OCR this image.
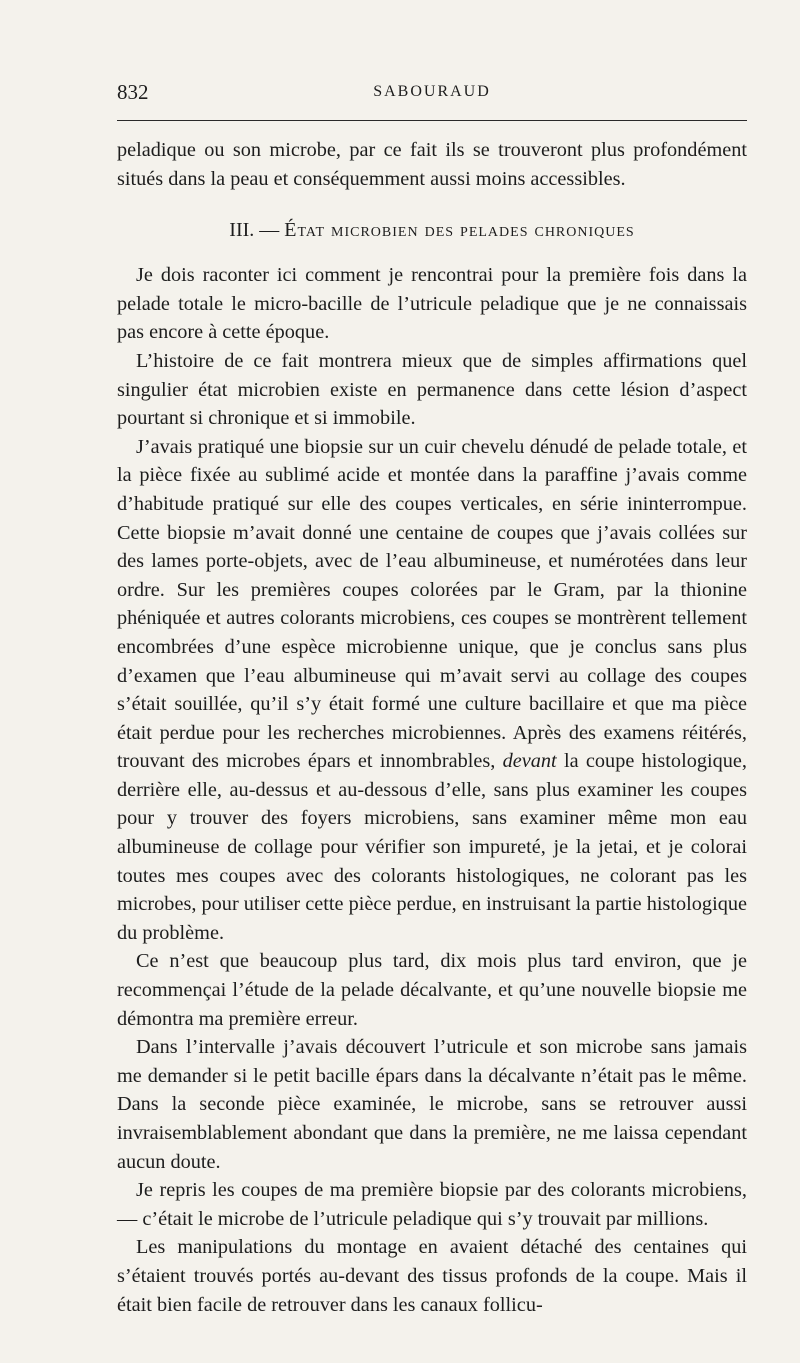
832	SABOURAUD

peladique ou son microbe, par ce fait ils se trouveront plus profondément situés dans la peau et conséquemment aussi moins accessibles.

III. — État microbien des pelades chroniques

Je dois raconter ici comment je rencontrai pour la première fois dans la pelade totale le micro-bacille de l’utricule peladique que je ne connaissais pas encore à cette époque.

L’histoire de ce fait montrera mieux que de simples affirmations quel singulier état microbien existe en permanence dans cette lésion d’aspect pourtant si chronique et si immobile.

J’avais pratiqué une biopsie sur un cuir chevelu dénudé de pelade totale, et la pièce fixée au sublimé acide et montée dans la paraffine j’avais comme d’habitude pratiqué sur elle des coupes verticales, en série ininterrompue. Cette biopsie m’avait donné une centaine de coupes que j’avais collées sur des lames porte-objets, avec de l’eau albumineuse, et numérotées dans leur ordre. Sur les premières coupes colorées par le Gram, par la thionine phéniquée et autres colorants microbiens, ces coupes se montrèrent tellement encombrées d’une espèce microbienne unique, que je conclus sans plus d’examen que l’eau albumineuse qui m’avait servi au collage des coupes s’était souillée, qu’il s’y était formé une culture bacillaire et que ma pièce était perdue pour les recherches microbiennes. Après des examens réitérés, trouvant des microbes épars et innombrables, devant la coupe histologique, derrière elle, au-dessus et au-dessous d’elle, sans plus examiner les coupes pour y trouver des foyers microbiens, sans examiner même mon eau albumineuse de collage pour vérifier son impureté, je la jetai, et je colorai toutes mes coupes avec des colorants histologiques, ne colorant pas les microbes, pour utiliser cette pièce perdue, en instruisant la partie histologique du problème.

Ce n’est que beaucoup plus tard, dix mois plus tard environ, que je recommençai l’étude de la pelade décalvante, et qu’une nouvelle biopsie me démontra ma première erreur.

Dans l’intervalle j’avais découvert l’utricule et son microbe sans jamais me demander si le petit bacille épars dans la décalvante n’était pas le même. Dans la seconde pièce examinée, le microbe, sans se retrouver aussi invraisemblablement abondant que dans la première, ne me laissa cependant aucun doute.

Je repris les coupes de ma première biopsie par des colorants microbiens, — c’était le microbe de l’utricule peladique qui s’y trouvait par millions.

Les manipulations du montage en avaient détaché des centaines qui s’étaient trouvés portés au-devant des tissus profonds de la coupe. Mais il était bien facile de retrouver dans les canaux follicu-
